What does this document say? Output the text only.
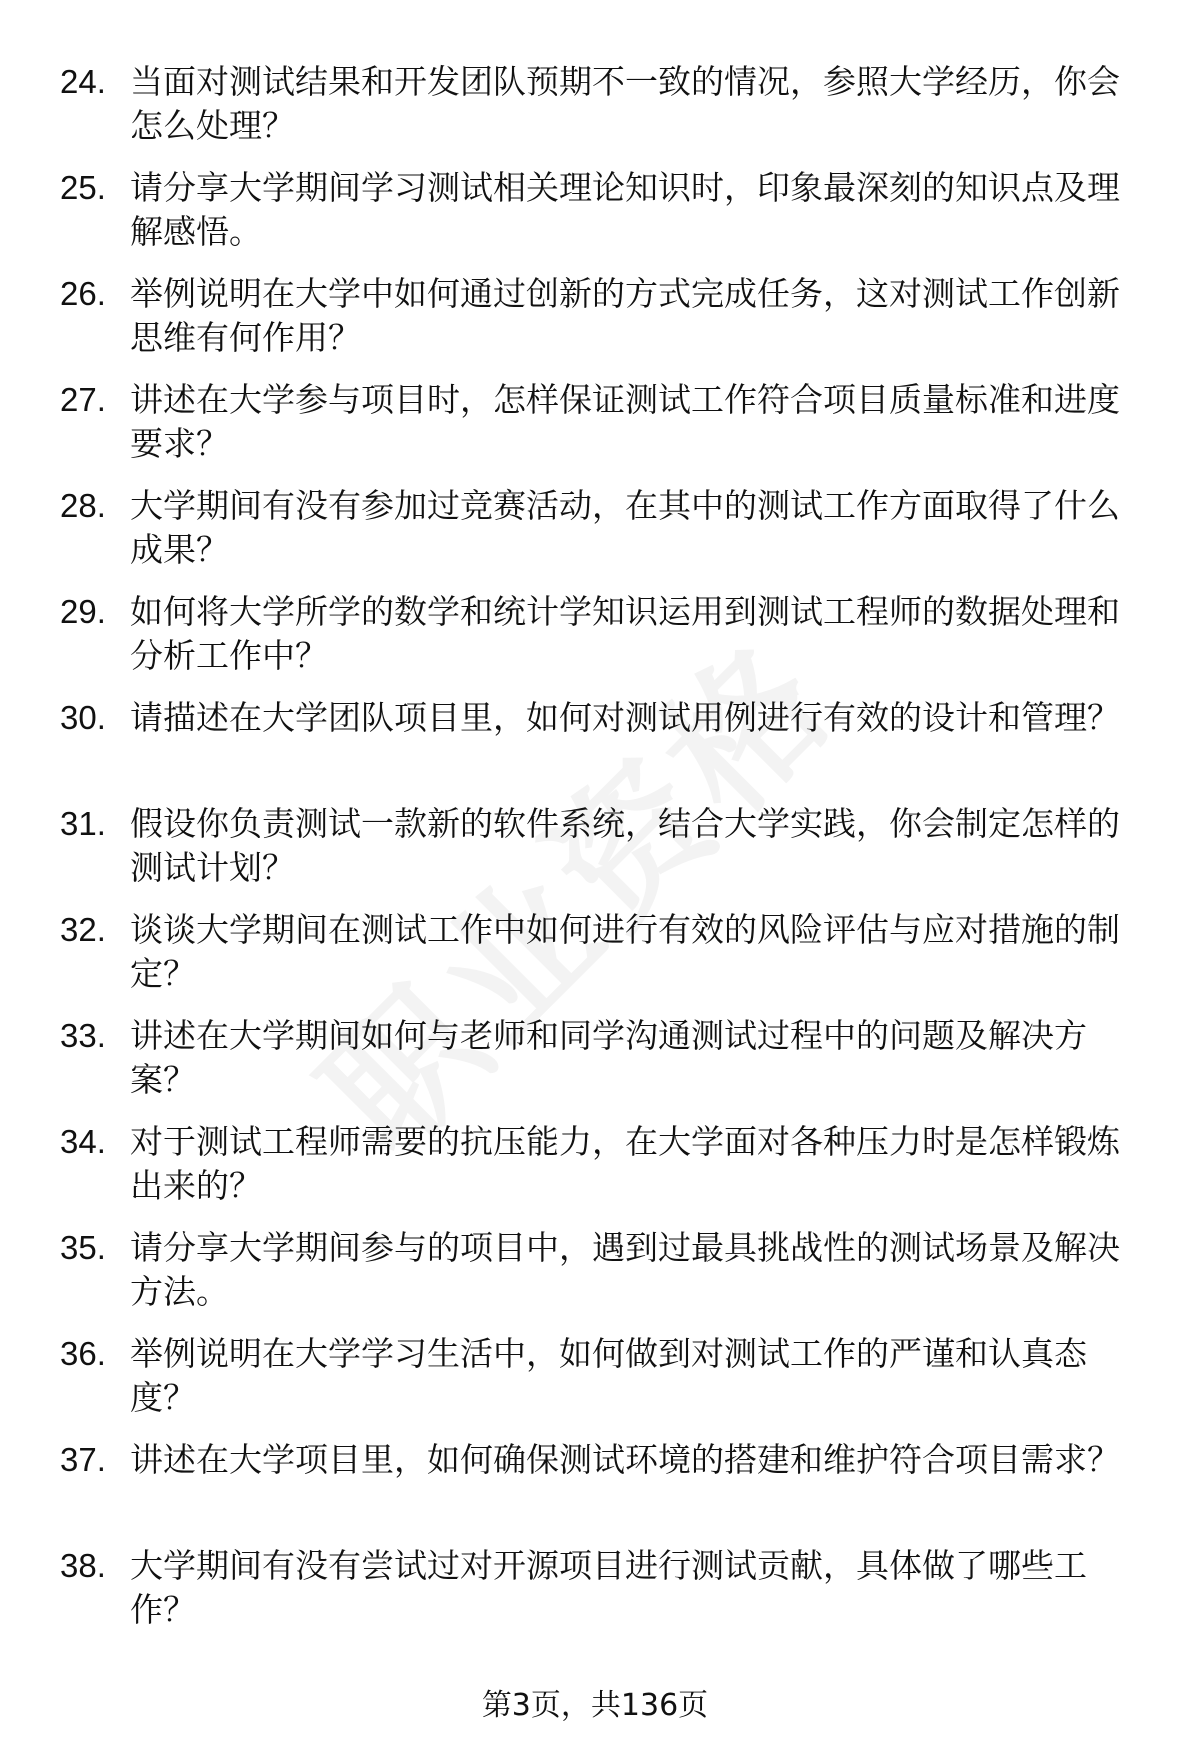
24. 当面对测试结果和开发团队预期不一致的情况，参照大学经历，你会怎么处理？
25. 请分享大学期间学习测试相关理论知识时，印象最深刻的知识点及理解感悟。
26. 举例说明在大学中如何通过创新的方式完成任务，这对测试工作创新思维有何作用？
27. 讲述在大学参与项目时，怎样保证测试工作符合项目质量标准和进度要求？
28. 大学期间有没有参加过竞赛活动，在其中的测试工作方面取得了什么成果？
29. 如何将大学所学的数学和统计学知识运用到测试工程师的数据处理和分析工作中？
30. 请描述在大学团队项目里，如何对测试用例进行有效的设计和管理？
31. 假设你负责测试一款新的软件系统，结合大学实践，你会制定怎样的测试计划？
32. 谈谈大学期间在测试工作中如何进行有效的风险评估与应对措施的制定？
33. 讲述在大学期间如何与老师和同学沟通测试过程中的问题及解决方案？
34. 对于测试工程师需要的抗压能力，在大学面对各种压力时是怎样锻炼出来的？
35. 请分享大学期间参与的项目中，遇到过最具挑战性的测试场景及解决方法。
36. 举例说明在大学学习生活中，如何做到对测试工作的严谨和认真态度？
37. 讲述在大学项目里，如何确保测试环境的搭建和维护符合项目需求？
38. 大学期间有没有尝试过对开源项目进行测试贡献，具体做了哪些工作？
第3页，共136页
